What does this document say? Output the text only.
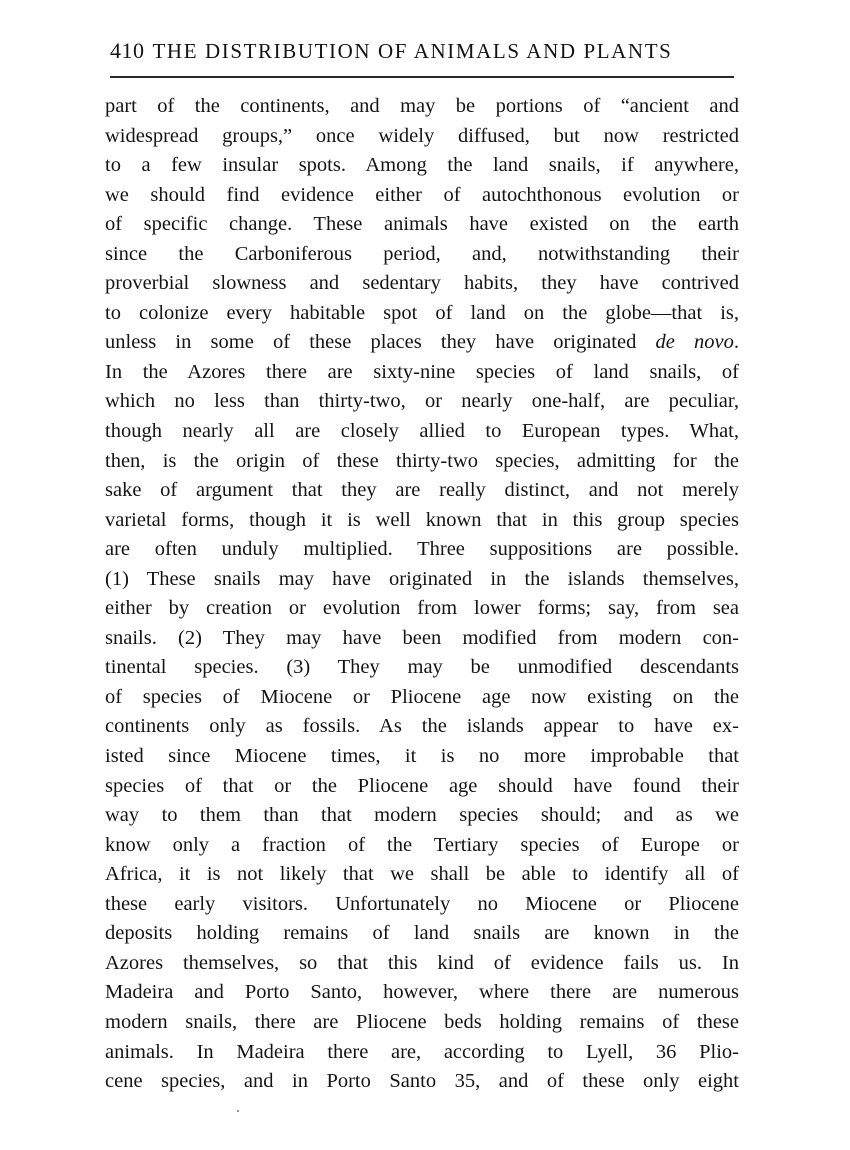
410 THE DISTRIBUTION OF ANIMALS AND PLANTS
part of the continents, and may be portions of “ancient and
widespread groups,” once widely diffused, but now restricted
to a few insular spots. Among the land snails, if anywhere,
we should find evidence either of autochthonous evolution or
of specific change. These animals have existed on the earth
since the Carboniferous period, and, notwithstanding their
proverbial slowness and sedentary habits, they have contrived
to colonize every habitable spot of land on the globe—that is,
unless in some of these places they have originated de novo.
In the Azores there are sixty-nine species of land snails, of
which no less than thirty-two, or nearly one-half, are peculiar,
though nearly all are closely allied to European types. What,
then, is the origin of these thirty-two species, admitting for the
sake of argument that they are really distinct, and not merely
varietal forms, though it is well known that in this group species
are often unduly multiplied. Three suppositions are possible.
(1) These snails may have originated in the islands themselves,
either by creation or evolution from lower forms; say, from sea
snails. (2) They may have been modified from modern con-
tinental species. (3) They may be unmodified descendants
of species of Miocene or Pliocene age now existing on the
continents only as fossils. As the islands appear to have ex-
isted since Miocene times, it is no more improbable that
species of that or the Pliocene age should have found their
way to them than that modern species should; and as we
know only a fraction of the Tertiary species of Europe or
Africa, it is not likely that we shall be able to identify all of
these early visitors. Unfortunately no Miocene or Pliocene
deposits holding remains of land snails are known in the
Azores themselves, so that this kind of evidence fails us. In
Madeira and Porto Santo, however, where there are numerous
modern snails, there are Pliocene beds holding remains of these
animals. In Madeira there are, according to Lyell, 36 Plio-
cene species, and in Porto Santo 35, and of these only eight
